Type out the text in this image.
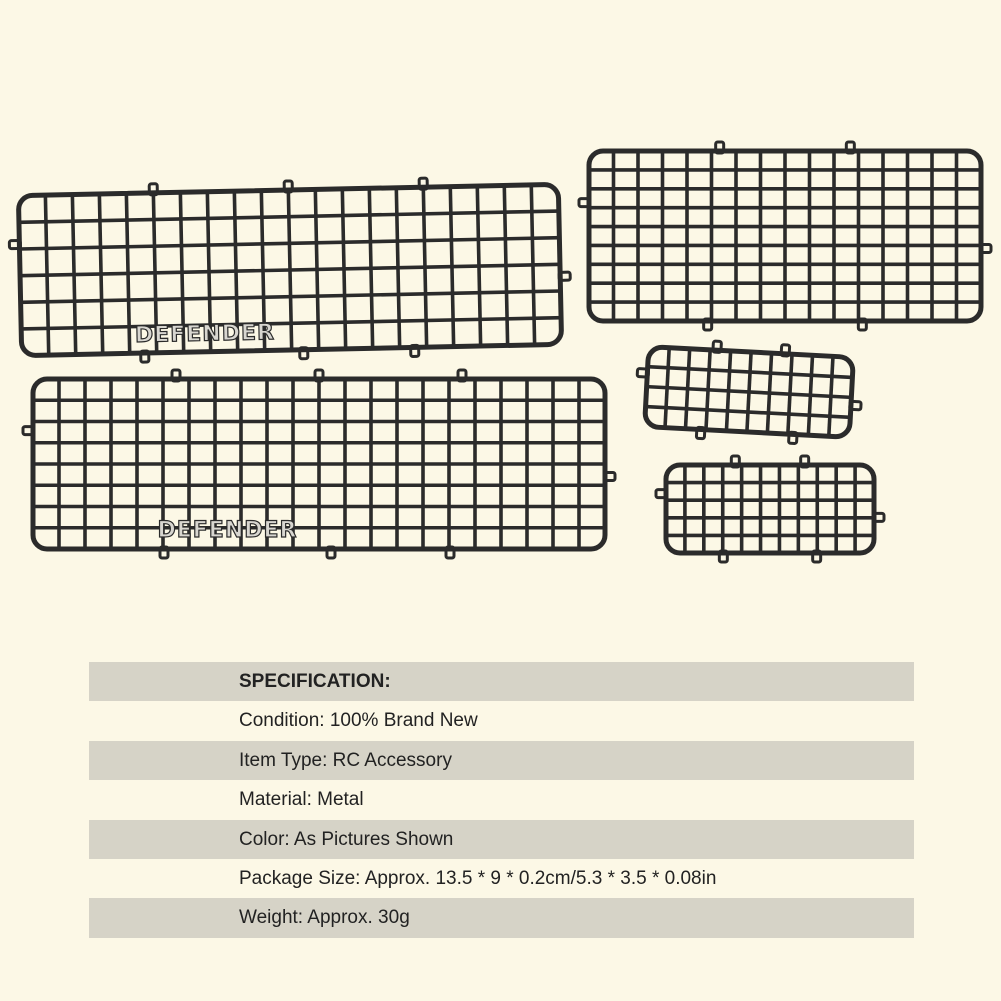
DEFENDER
DEFENDER
SPECIFICATION:
Condition: 100% Brand New
Item Type: RC Accessory
Material: Metal
Color: As Pictures Shown
Package Size: Approx. 13.5 * 9 * 0.2cm/5.3 * 3.5 * 0.08in
Weight: Approx. 30g
